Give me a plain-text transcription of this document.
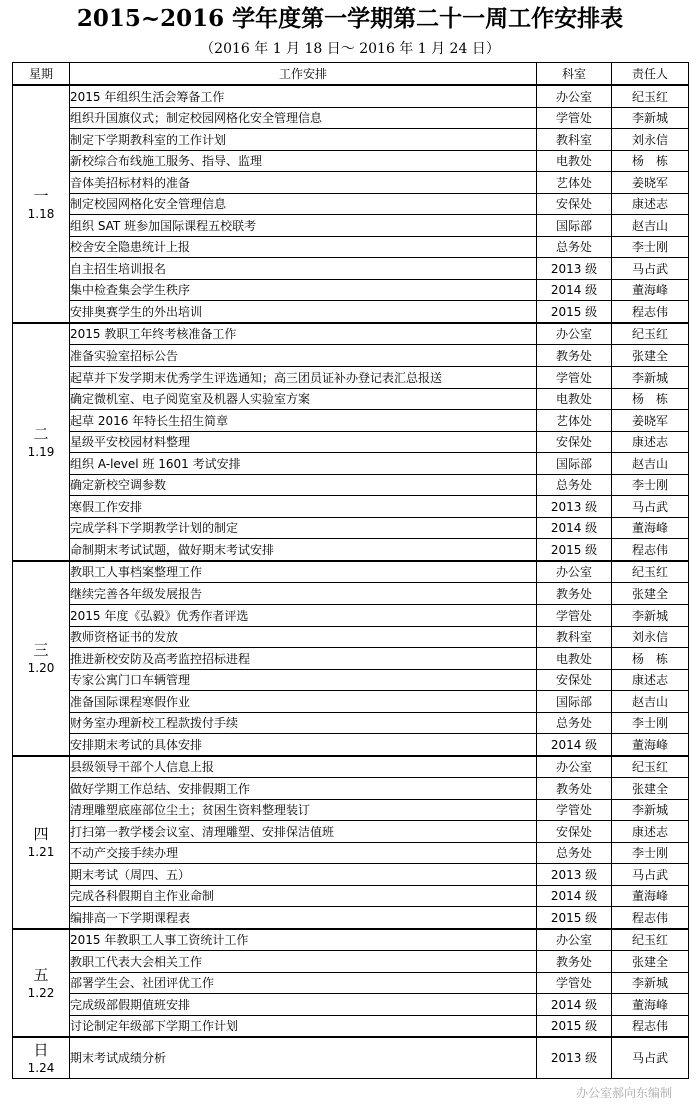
2015~2016 学年度第一学期第二十一周工作安排表
（2016 年 1 月 18 日～ 2016 年 1 月 24 日）
星期	工作安排	科室	责任人

一
1.18	2015 年组织生活会筹备工作	办公室	纪玉红
	组织升国旗仪式；制定校园网格化安全管理信息	学管处	李新城
	制定下学期教科室的工作计划	教科室	刘永信
	新校综合布线施工服务、指导、监理	电教处	杨　栋
	音体美招标材料的准备	艺体处	姜晓军
	制定校园网格化安全管理信息	安保处	康述志
	组织 SAT 班参加国际课程五校联考	国际部	赵吉山
	校舍安全隐患统计上报	总务处	李士刚
	自主招生培训报名	2013 级	马占武
	集中检查集会学生秩序	2014 级	董海峰
	安排奥赛学生的外出培训	2015 级	程志伟

二
1.19	2015 教职工年终考核准备工作	办公室	纪玉红
	准备实验室招标公告	教务处	张建全
	起草并下发学期末优秀学生评选通知；高三团员证补办登记表汇总报送	学管处	李新城
	确定微机室、电子阅览室及机器人实验室方案	电教处	杨　栋
	起草 2016 年特长生招生简章	艺体处	姜晓军
	星级平安校园材料整理	安保处	康述志
	组织 A-level 班 1601 考试安排	国际部	赵吉山
	确定新校空调参数	总务处	李士刚
	寒假工作安排	2013 级	马占武
	完成学科下学期教学计划的制定	2014 级	董海峰
	命制期末考试试题，做好期末考试安排	2015 级	程志伟

三
1.20	教职工人事档案整理工作	办公室	纪玉红
	继续完善各年级发展报告	教务处	张建全
	2015 年度《弘毅》优秀作者评选	学管处	李新城
	教师资格证书的发放	教科室	刘永信
	推进新校安防及高考监控招标进程	电教处	杨　栋
	专家公寓门口车辆管理	安保处	康述志
	准备国际课程寒假作业	国际部	赵吉山
	财务室办理新校工程款拨付手续	总务处	李士刚
	安排期末考试的具体安排	2014 级	董海峰

四
1.21	县级领导干部个人信息上报	办公室	纪玉红
	做好学期工作总结、安排假期工作	教务处	张建全
	清理雕塑底座部位尘土；贫困生资料整理装订	学管处	李新城
	打扫第一教学楼会议室、清理雕塑、安排保洁值班	安保处	康述志
	不动产交接手续办理	总务处	李士刚
	期末考试（周四、五）	2013 级	马占武
	完成各科假期自主作业命制	2014 级	董海峰
	编排高一下学期课程表	2015 级	程志伟

五
1.22	2015 年教职工人事工资统计工作	办公室	纪玉红
	教职工代表大会相关工作	教务处	张建全
	部署学生会、社团评优工作	学管处	李新城
	完成级部假期值班安排	2014 级	董海峰
	讨论制定年级部下学期工作计划	2015 级	程志伟

日
1.24	期末考试成绩分析	2013 级	马占武
办公室郝向东编制
